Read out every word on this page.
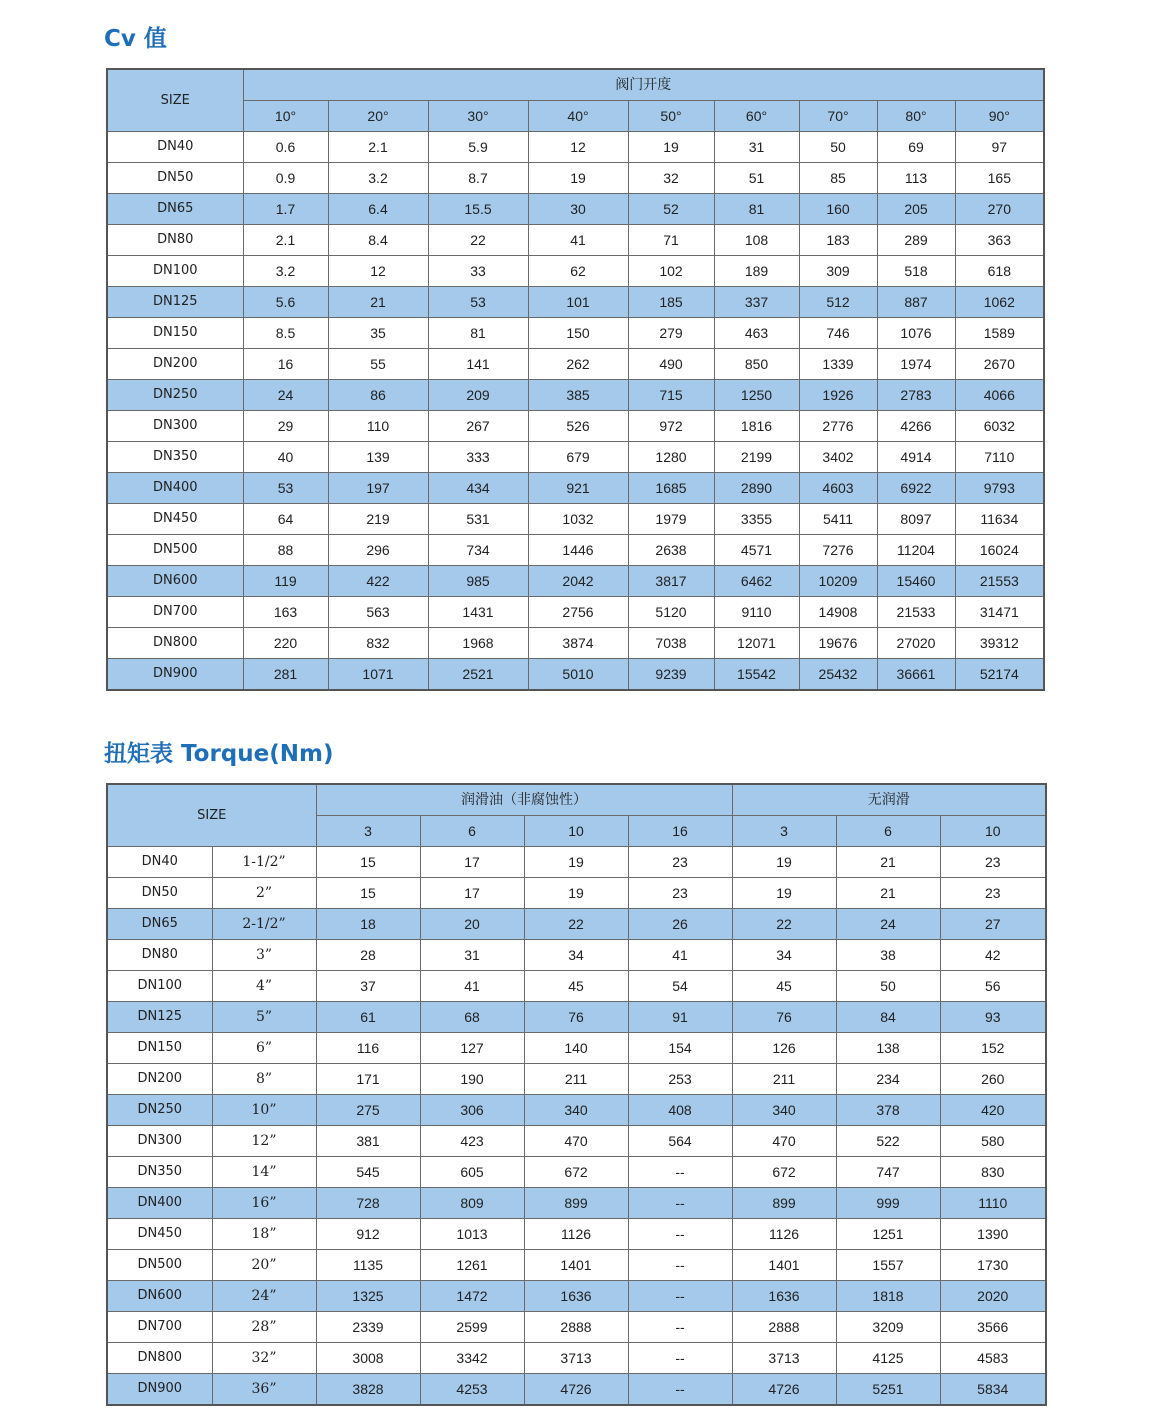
Cv 值
SIZE	阀门开度								
	10°	20°	30°	40°	50°	60°	70°	80°	90°
DN40	0.6	2.1	5.9	12	19	31	50	69	97
DN50	0.9	3.2	8.7	19	32	51	85	113	165
DN65	1.7	6.4	15.5	30	52	81	160	205	270
DN80	2.1	8.4	22	41	71	108	183	289	363
DN100	3.2	12	33	62	102	189	309	518	618
DN125	5.6	21	53	101	185	337	512	887	1062
DN150	8.5	35	81	150	279	463	746	1076	1589
DN200	16	55	141	262	490	850	1339	1974	2670
DN250	24	86	209	385	715	1250	1926	2783	4066
DN300	29	110	267	526	972	1816	2776	4266	6032
DN350	40	139	333	679	1280	2199	3402	4914	7110
DN400	53	197	434	921	1685	2890	4603	6922	9793
DN450	64	219	531	1032	1979	3355	5411	8097	11634
DN500	88	296	734	1446	2638	4571	7276	11204	16024
DN600	119	422	985	2042	3817	6462	10209	15460	21553
DN700	163	563	1431	2756	5120	9110	14908	21533	31471
DN800	220	832	1968	3874	7038	12071	19676	27020	39312
DN900	281	1071	2521	5010	9239	15542	25432	36661	52174
扭矩表 Torque(Nm)
SIZE		润滑油（非腐蚀性）				无润滑		
		3	6	10	16	3	6	10
DN40	1-1/2”	15	17	19	23	19	21	23
DN50	2”	15	17	19	23	19	21	23
DN65	2-1/2”	18	20	22	26	22	24	27
DN80	3”	28	31	34	41	34	38	42
DN100	4”	37	41	45	54	45	50	56
DN125	5”	61	68	76	91	76	84	93
DN150	6”	116	127	140	154	126	138	152
DN200	8”	171	190	211	253	211	234	260
DN250	10”	275	306	340	408	340	378	420
DN300	12”	381	423	470	564	470	522	580
DN350	14”	545	605	672	--	672	747	830
DN400	16”	728	809	899	--	899	999	1110
DN450	18”	912	1013	1126	--	1126	1251	1390
DN500	20”	1135	1261	1401	--	1401	1557	1730
DN600	24”	1325	1472	1636	--	1636	1818	2020
DN700	28”	2339	2599	2888	--	2888	3209	3566
DN800	32”	3008	3342	3713	--	3713	4125	4583
DN900	36”	3828	4253	4726	--	4726	5251	5834
